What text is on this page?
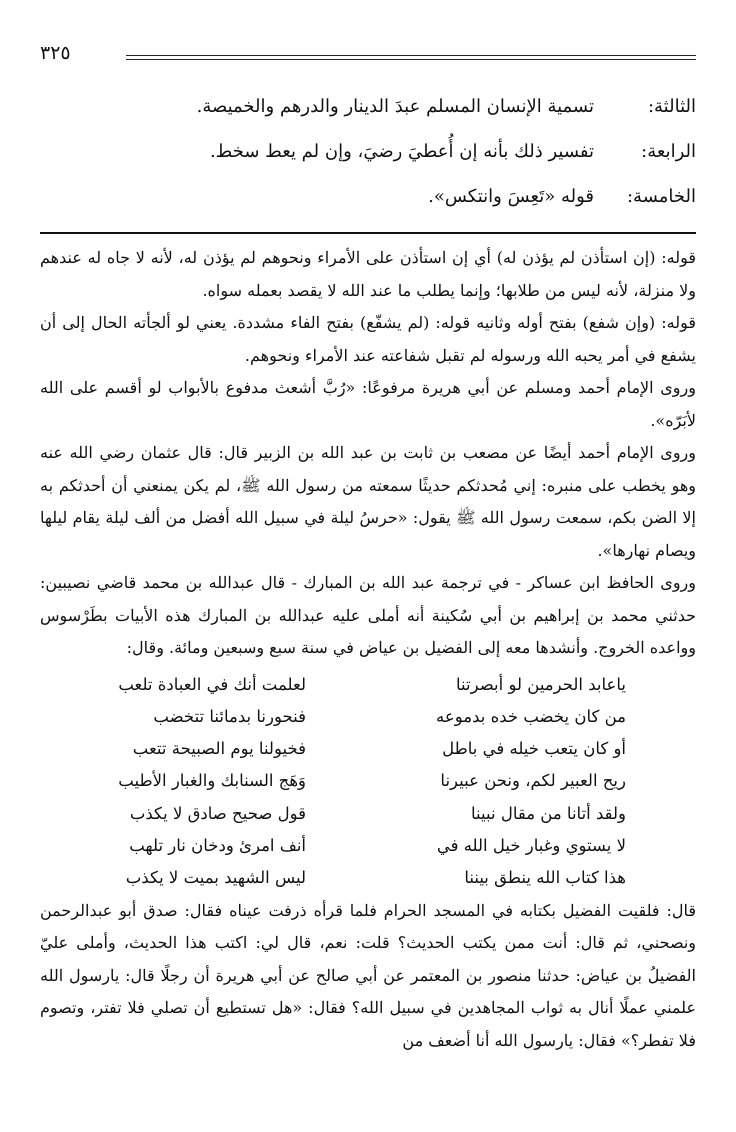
٣٢٥
الثالثة:
تسمية الإنسان المسلم عبدَ الدينار والدرهم والخميصة.
الرابعة:
تفسير ذلك بأنه إن أُعطيَ رضيَ، وإن لم يعط سخط.
الخامسة:
قوله «تَعِسَ وانتكس».

قوله: (إن استأذن لم يؤذن له) أي إن استأذن على الأمراء ونحوهم لم يؤذن له، لأنه لا جاه له عندهم ولا منزلة، لأنه ليس من طلابها؛ وإنما يطلب ما عند الله لا يقصد بعمله سواه.

قوله: (وإن شفع) بفتح أوله وثانيه قوله: (لم يشفّع) بفتح الفاء مشددة. يعني لو ألجأته الحال إلى أن يشفع في أمر يحبه الله ورسوله لم تقبل شفاعته عند الأمراء ونحوهم.

وروى الإمام أحمد ومسلم عن أبي هريرة مرفوعًا: «رُبَّ أشعث مدفوع بالأبواب لو أقسم على الله لأبَرّه».

وروى الإمام أحمد أيضًا عن مصعب بن ثابت بن عبد الله بن الزبير قال: قال عثمان رضي الله عنه وهو يخطب على منبره: إني مُحدثكم حديثًا سمعته من رسول الله ﷺ، لم يكن يمنعني أن أحدثكم به إلا الضن بكم، سمعت رسول الله ﷺ يقول: «حرسُ ليلة في سبيل الله أفضل من ألف ليلة يقام ليلها ويصام نهارها».

وروى الحافظ ابن عساكر - في ترجمة عبد الله بن المبارك - قال عبدالله بن محمد قاضي نصيبين: حدثني محمد بن إبراهيم بن أبي سُكينة أنه أملى عليه عبدالله بن المبارك هذه الأبيات بطَرْسوس وواعده الخروج. وأنشدها معه إلى الفضيل بن عياض في سنة سبع وسبعين ومائة. وقال:

ياعابد الحرمين لو أبصرتنا
لعلمت أنك في العبادة تلعب
من كان يخضب خده بدموعه
فنحورنا بدمائنا تتخضب
أو كان يتعب خيله في باطل
فخيولنا يوم الصبيحة تتعب
ريح العبير لكم، ونحن عبيرنا
وَهَج السنابك والغبار الأطيب
ولقد أتانا من مقال نبينا
قول صحيح صادق لا يكذب
لا يستوي وغبار خيل الله في
أنف امرئ ودخان نار تلهب
هذا كتاب الله ينطق بيننا
ليس الشهيد بميت لا يكذب

قال: فلقيت الفضيل بكتابه في المسجد الحرام فلما قرأه ذرفت عيناه فقال: صدق أبو عبدالرحمن ونصحني، ثم قال: أنت ممن يكتب الحديث؟ قلت: نعم، قال لي: اكتب هذا الحديث، وأملى عليّ الفضيلُ بن عياض: حدثنا منصور بن المعتمر عن أبي صالح عن أبي هريرة أن رجلًا قال: يارسول الله علمني عملًا أنال به ثواب المجاهدين في سبيل الله؟ فقال: «هل تستطيع أن تصلي فلا تفتر، وتصوم فلا تفطر؟» فقال: يارسول الله أنا أضعف من
